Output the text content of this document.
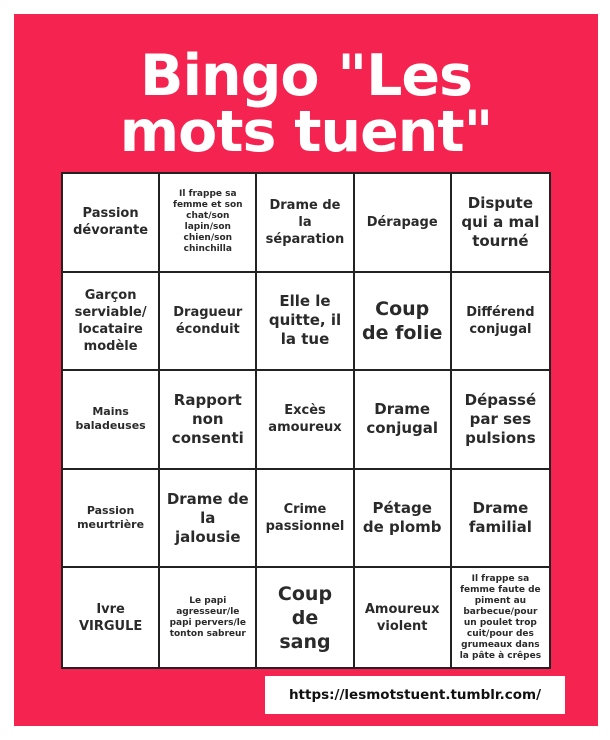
Bingo "Les
mots tuent"
Passion dévorante
Il frappe sa femme et son chat/son lapin/son chien/son chinchilla
Drame de la séparation
Dérapage
Dispute qui a mal tourné
Garçon serviable/ locataire modèle
Dragueur éconduit
Elle le quitte, il la tue
Coup de folie
Différend conjugal
Mains baladeuses
Rapport non consenti
Excès amoureux
Drame conjugal
Dépassé par ses pulsions
Passion meurtrière
Drame de la jalousie
Crime passionnel
Pétage de plomb
Drame familial
Ivre VIRGULE
Le papi agresseur/le papi pervers/le tonton sabreur
Coup de sang
Amoureux violent
Il frappe sa femme faute de piment au barbecue/pour un poulet trop cuit/pour des grumeaux dans la pâte à crêpes
https://lesmotstuent.tumblr.com/
